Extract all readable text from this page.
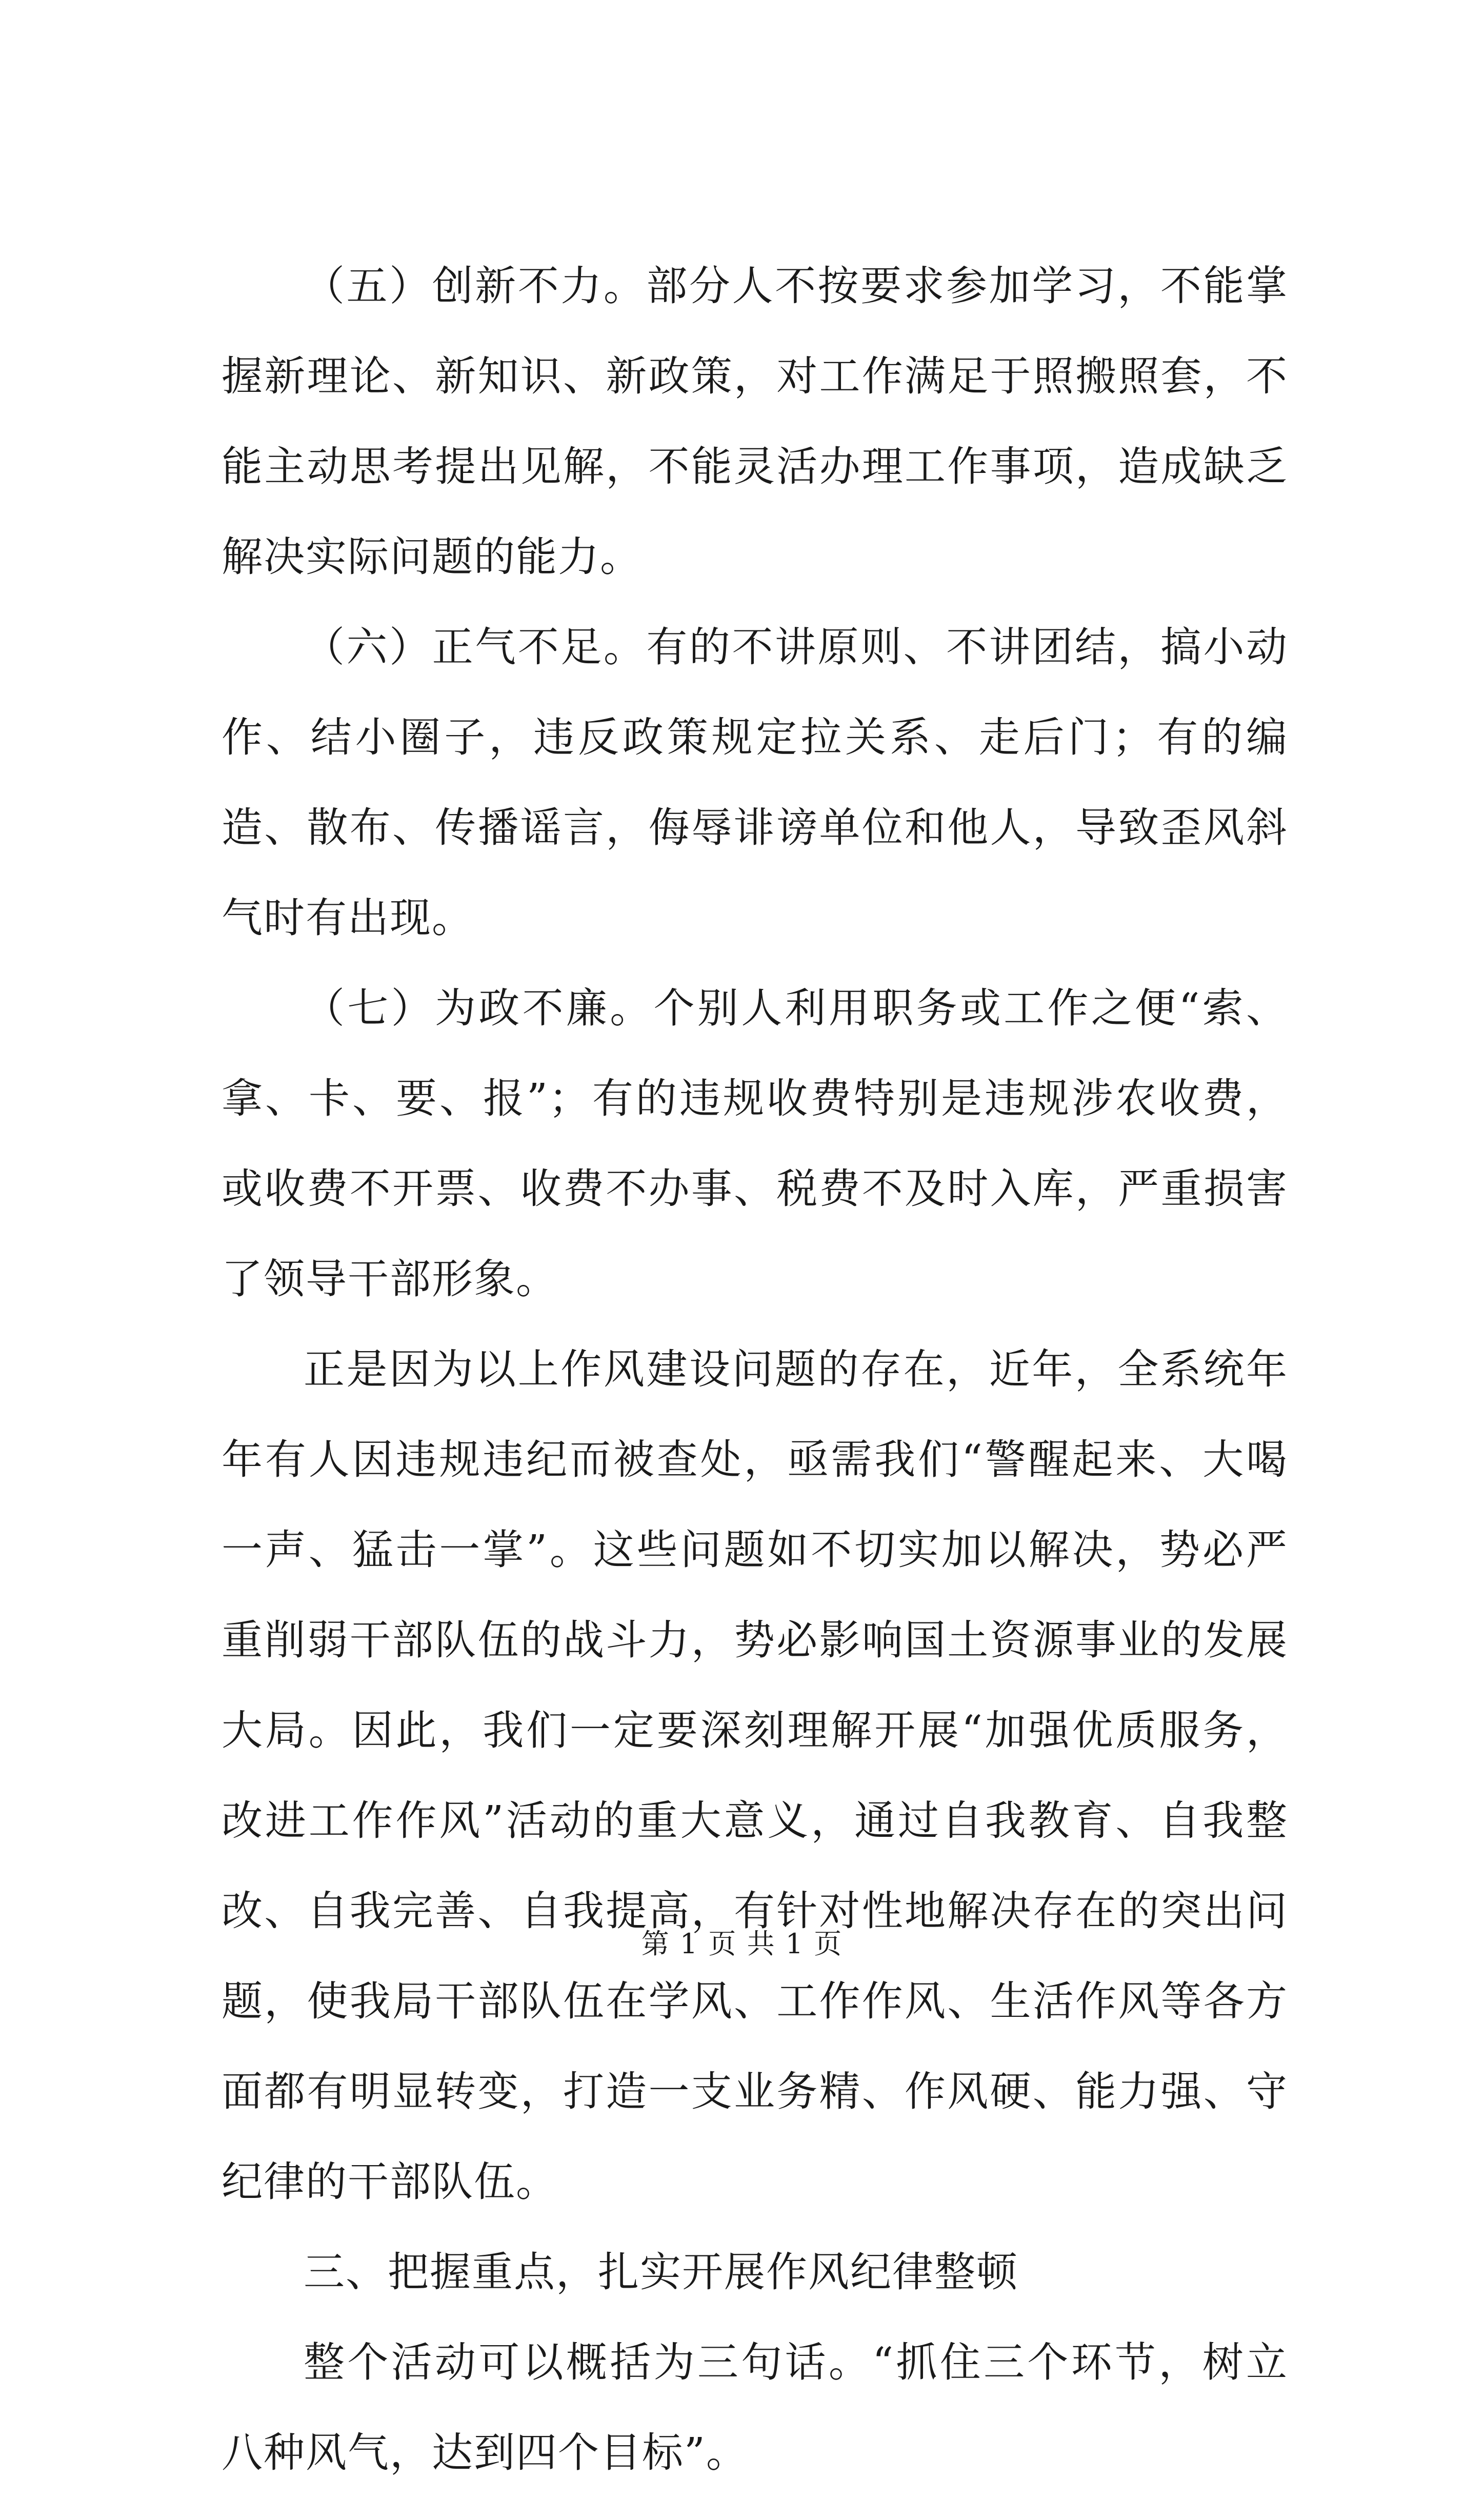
（五）创新不力。部分人不按要求参加学习，不能掌握新理论、新知识、新政策，对工作满足于照搬照套，不能主动思考提出见解，不能灵活办理工作事项，造成缺乏解决实际问题的能力。

（六）正气不足。有的不讲原则、不讲团结，搞小动作、结小圈子，违反政策规定拉关系、走后门；有的编造、散布、传播谣言，侮辱诽谤单位和他人，导致歪风斜气时有出现。

（七）为政不廉。个别人利用职务或工作之便“索、拿、卡、要、报”；有的违规收费特别是违规涉农收费，或收费不开票、收费不办事、税费不及时入库，严重损害了领导干部形象。

正是因为以上作风建设问题的存在，近年，全系统年年有人因违规违纪而被查处，亟需我们“警醒起来、大喝一声、猛击一掌”。这些问题如不切实加以解决，势必严重削弱干部队伍的战斗力，势必影响国土资源事业的发展大局。因此，我们一定要深刻理解开展“加强优质服务，改进工作作风”活动的重大意义，通过自我教育、自我整改、自我完善、自我提高，有针对性地解决存在的突出问题，使我局干部队伍在学风、工作作风、生活作风等各方面都有明显转变，打造一支业务精、作风硬、能力强、守纪律的干部队伍。

三、把握重点，扎实开展作风纪律整顿

整个活动可以概括为三句话。“抓住三个环节，树立八种风气，达到四个目标”。

第 1 页 共 1 页
